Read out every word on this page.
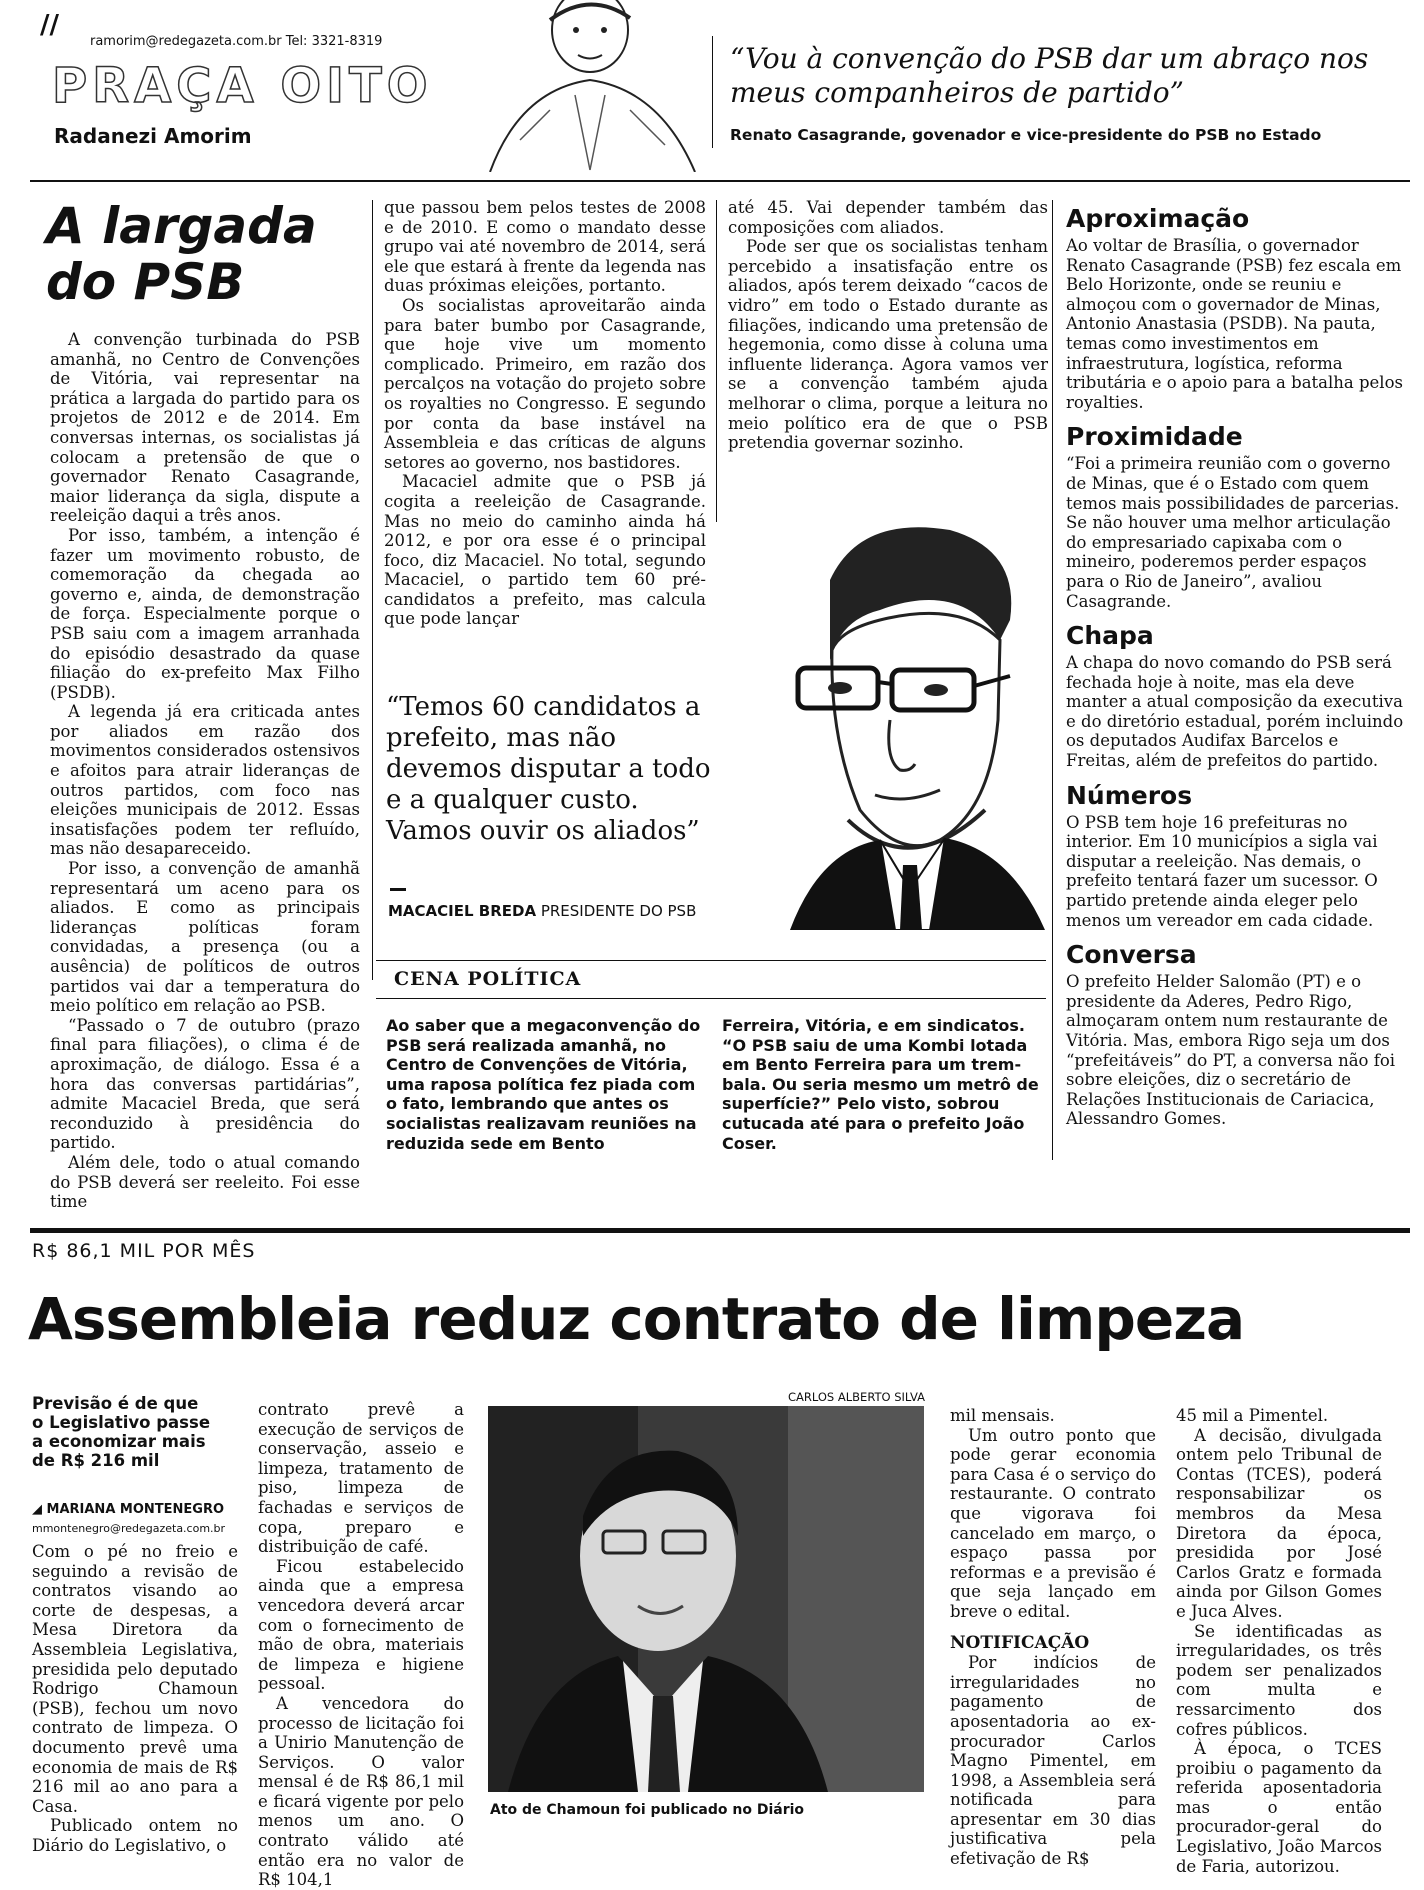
//
ramorim@redegazeta.com.br Tel: 3321-8319
PRAÇA OITO
Radanezi Amorim
“Vou à convenção do PSB dar um abraço nos meus companheiros de partido”
Renato Casagrande, govenador e vice-presidente do PSB no Estado
A largada
do PSB

A convenção turbinada do PSB amanhã, no Centro de Convenções de Vitória, vai representar na prática a largada do partido para os projetos de 2012 e de 2014. Em conversas internas, os socialistas já colocam a pretensão de que o governador Renato Casagrande, maior liderança da sigla, dispute a reeleição daqui a três anos.

Por isso, também, a intenção é fazer um movimento robusto, de comemoração da chegada ao governo e, ainda, de demonstração de força. Especialmente porque o PSB saiu com a imagem arranhada do episódio desastrado da quase filiação do ex-prefeito Max Filho (PSDB).

A legenda já era criticada antes por aliados em razão dos movimentos considerados ostensivos e afoitos para atrair lideranças de outros partidos, com foco nas eleições municipais de 2012. Essas insatisfações podem ter refluído, mas não desapareceido.

Por isso, a convenção de amanhã representará um aceno para os aliados. E como as principais lideranças políticas foram convidadas, a presença (ou a ausência) de políticos de outros partidos vai dar a temperatura do meio político em relação ao PSB.

“Passado o 7 de outubro (prazo final para filiações), o clima é de aproximação, de diálogo. Essa é a hora das conversas partidárias”, admite Macaciel Breda, que será reconduzido à presidência do partido.

Além dele, todo o atual comando do PSB deverá ser reeleito. Foi esse time

que passou bem pelos testes de 2008 e de 2010. E como o mandato desse grupo vai até novembro de 2014, será ele que estará à frente da legenda nas duas próximas eleições, portanto.

Os socialistas aproveitarão ainda para bater bumbo por Casagrande, que hoje vive um momento complicado. Primeiro, em razão dos percalços na votação do projeto sobre os royalties no Congresso. E segundo por conta da base instável na Assembleia e das críticas de alguns setores ao governo, nos bastidores.

Macaciel admite que o PSB já cogita a reeleição de Casagrande. Mas no meio do caminho ainda há 2012, e por ora esse é o principal foco, diz Macaciel. No total, segundo Macaciel, o partido tem 60 pré-candidatos a prefeito, mas calcula que pode lançar

até 45. Vai depender também das composições com aliados.

Pode ser que os socialistas tenham percebido a insatisfação entre os aliados, após terem deixado “cacos de vidro” em todo o Estado durante as filiações, indicando uma pretensão de hegemonia, como disse à coluna uma influente liderança. Agora vamos ver se a convenção também ajuda melhorar o clima, porque a leitura no meio político era de que o PSB pretendia governar sozinho.

“Temos 60 candidatos a prefeito, mas não devemos disputar a todo e a qualquer custo. Vamos ouvir os aliados”
MACACIEL BREDA PRESIDENTE DO PSB
CENA POLÍTICA
Ao saber que a megaconvenção do PSB será realizada amanhã, no Centro de Convenções de Vitória, uma raposa política fez piada com o fato, lembrando que antes os socialistas realizavam reuniões na reduzida sede em Bento
Ferreira, Vitória, e em sindicatos. “O PSB saiu de uma Kombi lotada em Bento Ferreira para um trem-bala. Ou seria mesmo um metrô de superfície?” Pelo visto, sobrou cutucada até para o prefeito João Coser.
Aproximação

Ao voltar de Brasília, o governador Renato Casagrande (PSB) fez escala em Belo Horizonte, onde se reuniu e almoçou com o governador de Minas, Antonio Anastasia (PSDB). Na pauta, temas como investimentos em infraestrutura, logística, reforma tributária e o apoio para a batalha pelos royalties.

Proximidade

“Foi a primeira reunião com o governo de Minas, que é o Estado com quem temos mais possibilidades de parcerias. Se não houver uma melhor articulação do empresariado capixaba com o mineiro, poderemos perder espaços para o Rio de Janeiro”, avaliou Casagrande.

Chapa

A chapa do novo comando do PSB será fechada hoje à noite, mas ela deve manter a atual composição da executiva e do diretório estadual, porém incluindo os deputados Audifax Barcelos e Freitas, além de prefeitos do partido.

Números

O PSB tem hoje 16 prefeituras no interior. Em 10 municípios a sigla vai disputar a reeleição. Nas demais, o prefeito tentará fazer um sucessor. O partido pretende ainda eleger pelo menos um vereador em cada cidade.

Conversa

O prefeito Helder Salomão (PT) e o presidente da Aderes, Pedro Rigo, almoçaram ontem num restaurante de Vitória. Mas, embora Rigo seja um dos “prefeitáveis” do PT, a conversa não foi sobre eleições, diz o secretário de Relações Institucionais de Cariacica, Alessandro Gomes.

R$ 86,1 MIL POR MÊS
Assembleia reduz contrato de limpeza
Previsão é de que o Legislativo passe a economizar mais de R$ 216 mil
◢ MARIANA MONTENEGRO
mmontenegro@redegazeta.com.br

Com o pé no freio e seguindo a revisão de contratos visando ao corte de despesas, a Mesa Diretora da Assembleia Legislativa, presidida pelo deputado Rodrigo Chamoun (PSB), fechou um novo contrato de limpeza. O documento prevê uma economia de mais de R$ 216 mil ao ano para a Casa.

Publicado ontem no Diário do Legislativo, o

contrato prevê a execução de serviços de conservação, asseio e limpeza, tratamento de piso, limpeza de fachadas e serviços de copa, preparo e distribuição de café.

Ficou estabelecido ainda que a empresa vencedora deverá arcar com o fornecimento de mão de obra, materiais de limpeza e higiene pessoal.

A vencedora do processo de licitação foi a Unirio Manutenção de Serviços. O valor mensal é de R$ 86,1 mil e ficará vigente por pelo menos um ano. O contrato válido até então era no valor de R$ 104,1

CARLOS ALBERTO SILVA
Ato de Chamoun foi publicado no Diário

mil mensais.

Um outro ponto que pode gerar economia para Casa é o serviço do restaurante. O contrato que vigorava foi cancelado em março, o espaço passa por reformas e a previsão é que seja lançado em breve o edital.

NOTIFICAÇÃO

Por indícios de irregularidades no pagamento de aposentadoria ao ex-procurador Carlos Magno Pimentel, em 1998, a Assembleia será notificada para apresentar em 30 dias justificativa pela efetivação de R$

45 mil a Pimentel.

A decisão, divulgada ontem pelo Tribunal de Contas (TCES), poderá responsabilizar os membros da Mesa Diretora da época, presidida por José Carlos Gratz e formada ainda por Gilson Gomes e Juca Alves.

Se identificadas as irregularidades, os três podem ser penalizados com multa e ressarcimento dos cofres públicos.

À época, o TCES proibiu o pagamento da referida aposentadoria mas o então procurador-geral do Legislativo, João Marcos de Faria, autorizou.
